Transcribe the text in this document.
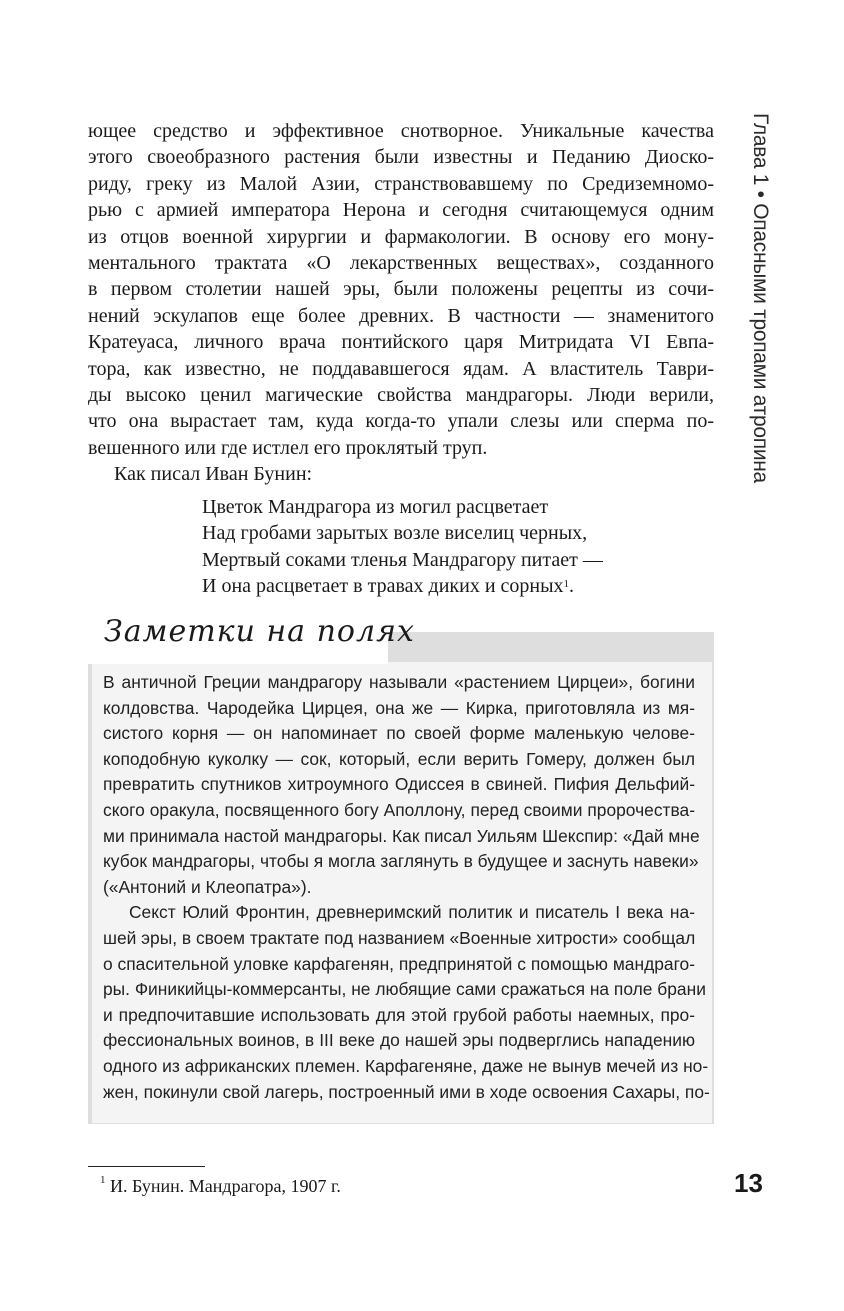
Глава 1 • Опасными тропами атропина
ющее средство и эффективное снотворное. Уникальные качества
этого своеобразного растения были известны и Педанию Диоско-
риду, греку из Малой Азии, странствовавшему по Средиземномо-
рью с армией императора Нерона и сегодня считающемуся одним
из отцов военной хирургии и фармакологии. В основу его мону-
ментального трактата «О лекарственных веществах», созданного
в первом столетии нашей эры, были положены рецепты из сочи-
нений эскулапов еще более древних. В частности — знаменитого
Кратеуаса, личного врача понтийского царя Митридата VI Евпа-
тора, как известно, не поддававшегося ядам. А властитель Таври-
ды высоко ценил магические свойства мандрагоры. Люди верили,
что она вырастает там, куда когда-то упали слезы или сперма по-
вешенного или где истлел его проклятый труп.
Как писал Иван Бунин:
Цветок Мандрагора из могил расцветает
Над гробами зарытых возле виселиц черных,
Мертвый соками тленья Мандрагору питает —
И она расцветает в травах диких и сорных$^1$.
Заметки на полях
В античной Греции мандрагору называли «растением Цирцеи», богини
колдовства. Чародейка Цирцея, она же — Кирка, приготовляла из мя-
систого корня — он напоминает по своей форме маленькую челове-
коподобную куколку — сок, который, если верить Гомеру, должен был
превратить спутников хитроумного Одиссея в свиней. Пифия Дельфий-
ского оракула, посвященного богу Аполлону, перед своими пророчества-
ми принимала настой мандрагоры. Как писал Уильям Шекспир: «Дай мне
кубок мандрагоры, чтобы я могла заглянуть в будущее и заснуть навеки»
(«Антоний и Клеопатра»).
Секст Юлий Фронтин, древнеримский политик и писатель I века на-
шей эры, в своем трактате под названием «Военные хитрости» сообщал
о спасительной уловке карфагенян, предпринятой с помощью мандраго-
ры. Финикийцы-коммерсанты, не любящие сами сражаться на поле брани
и предпочитавшие использовать для этой грубой работы наемных, про-
фессиональных воинов, в III веке до нашей эры подверглись нападению
одного из африканских племен. Карфагеняне, даже не вынув мечей из но-
жен, покинули свой лагерь, построенный ими в ходе освоения Сахары, по-
$^1$ И. Бунин. Мандрагора, 1907 г.	13
